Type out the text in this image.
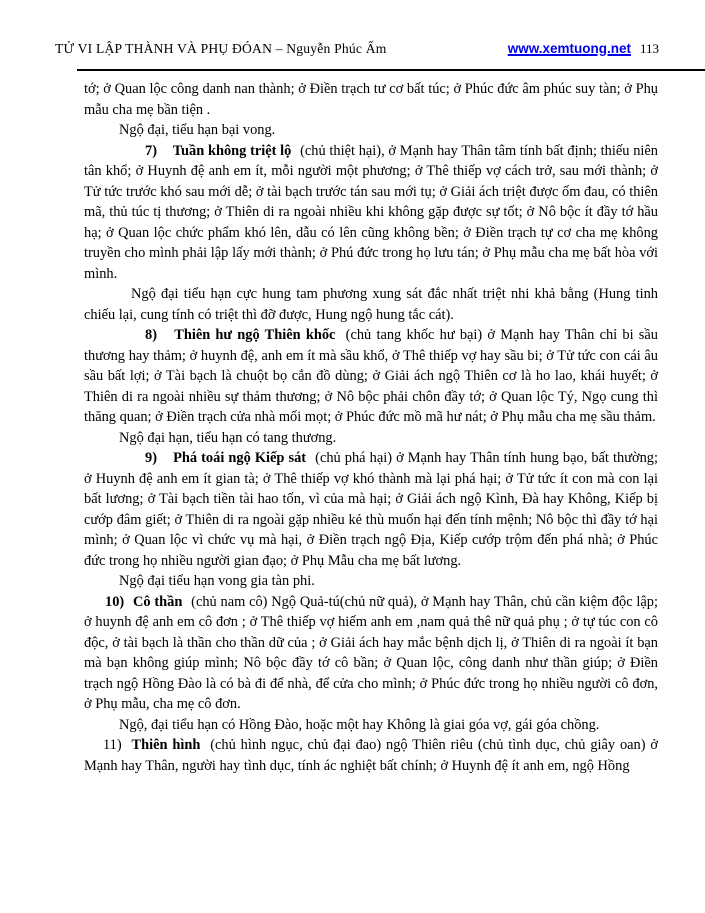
TỬ VI LẬP THÀNH VÀ PHỤ ĐÓAN – Nguyễn Phúc Ấm	www.xemtuong.net 113

tớ; ở Quan lộc công danh nan thành; ở Điền trạch tư cơ bất túc; ở Phúc đức âm phúc suy tàn; ở Phụ mẫu cha mẹ bần tiện .

Ngộ đại, tiểu hạn bại vong.

7) Tuần không triệt lộ (chủ thiệt hại), ở Mạnh hay Thân tâm tính bất định; thiếu niên tân khổ; ở Huynh đệ anh em ít, mỗi người một phương; ở Thê thiếp vợ cách trở, sau mới thành; ở Tử tức trước khó sau mới dễ; ở tài bạch trước tán sau mới tụ; ở Giải ách triệt được ốm đau, có thiên mã, thủ túc tị thương; ở Thiên di ra ngoài nhiều khi không gặp được sự tốt; ở Nô bộc ít đầy tớ hầu hạ; ở Quan lộc chức phẩm khó lên, dẫu có lên cũng không bền; ở Điền trạch tự cơ cha mẹ không truyền cho mình phải lập lấy mới thành; ở Phú đức trong họ lưu tán; ở Phụ mẫu cha mẹ bất hòa với mình.

Ngộ đại tiểu hạn cực hung tam phương xung sát đắc nhất triệt nhi khả bằng (Hung tinh chiếu lại, cung tính có triệt thì đỡ được, Hung ngộ hung tắc cát).

8) Thiên hư ngộ Thiên khốc (chủ tang khốc hư bại) ở Mạnh hay Thân chỉ bi sầu thương hay thảm; ở huynh đệ, anh em ít mà sầu khổ, ở Thê thiếp vợ hay sầu bi; ở Tử tức con cái âu sầu bất lợi; ở Tài bạch là chuột bọ cắn đồ dùng; ở Giải ách ngộ Thiên cơ là ho lao, khái huyết; ở Thiên di ra ngoài nhiều sự thảm thương; ở Nô bộc phải chôn đầy tớ; ở Quan lộc Tý, Ngọ cung thì thăng quan; ở Điền trạch cửa nhà mối mọt; ở Phúc đức mồ mã hư nát; ở Phụ mẫu cha mẹ sầu thảm.

Ngộ đại hạn, tiểu hạn có tang thương.

9) Phá toái ngộ Kiếp sát (chủ phá hại) ở Mạnh hay Thân tính hung bạo, bất thường; ở Huynh đệ anh em ít gian tà; ở Thê thiếp vợ khó thành mà lại phá hại; ở Tử tức ít con mà con lại bất lương; ở Tài bạch tiền tài hao tốn, vì của mà hại; ở Giải ách ngộ Kình, Đà hay Không, Kiếp bị cướp đâm giết; ở Thiên di ra ngoài gặp nhiều kẻ thù muốn hại đến tính mệnh; Nô bộc thì đầy tớ hại mình; ở Quan lộc vì chức vụ mà hại, ở Điền trạch ngộ Địa, Kiếp cướp trộm đến phá nhà; ở Phúc đức trong họ nhiều người gian đạo; ở Phụ Mẫu cha mẹ bất lương.

Ngộ đại tiểu hạn vong gia tàn phi.

10) Cô thần (chủ nam cô) Ngộ Quả-tú(chủ nữ quả), ở Mạnh hay Thân, chủ cần kiệm độc lập; ở huynh đệ anh em cô đơn ; ở Thê thiếp vợ hiếm anh em ,nam quả thê nữ quả phụ ; ở tự túc con cô độc, ở tài bạch là thần cho thần dữ của ; ở Giải ách hay mắc bệnh dịch lị, ở Thiên di ra ngoài ít bạn mà bạn không giúp mình; Nô bộc đầy tớ cô bần; ở Quan lộc, công danh như thần giúp; ở Điền trạch ngộ Hồng Đào là có bà đi để nhà, để cửa cho mình; ở Phúc đức trong họ nhiều người cô đơn, ở Phụ mẫu, cha mẹ cô đơn.

Ngộ, đại tiểu hạn có Hồng Đào, hoặc một hay Không là giai góa vợ, gái góa chồng.

11) Thiên hình (chủ hình ngục, chủ đại đao) ngộ Thiên riêu (chủ tình dục, chủ giây oan) ở Mạnh hay Thân, người hay tình dục, tính ác nghiệt bất chính; ở Huynh đệ ít anh em, ngộ Hồng
